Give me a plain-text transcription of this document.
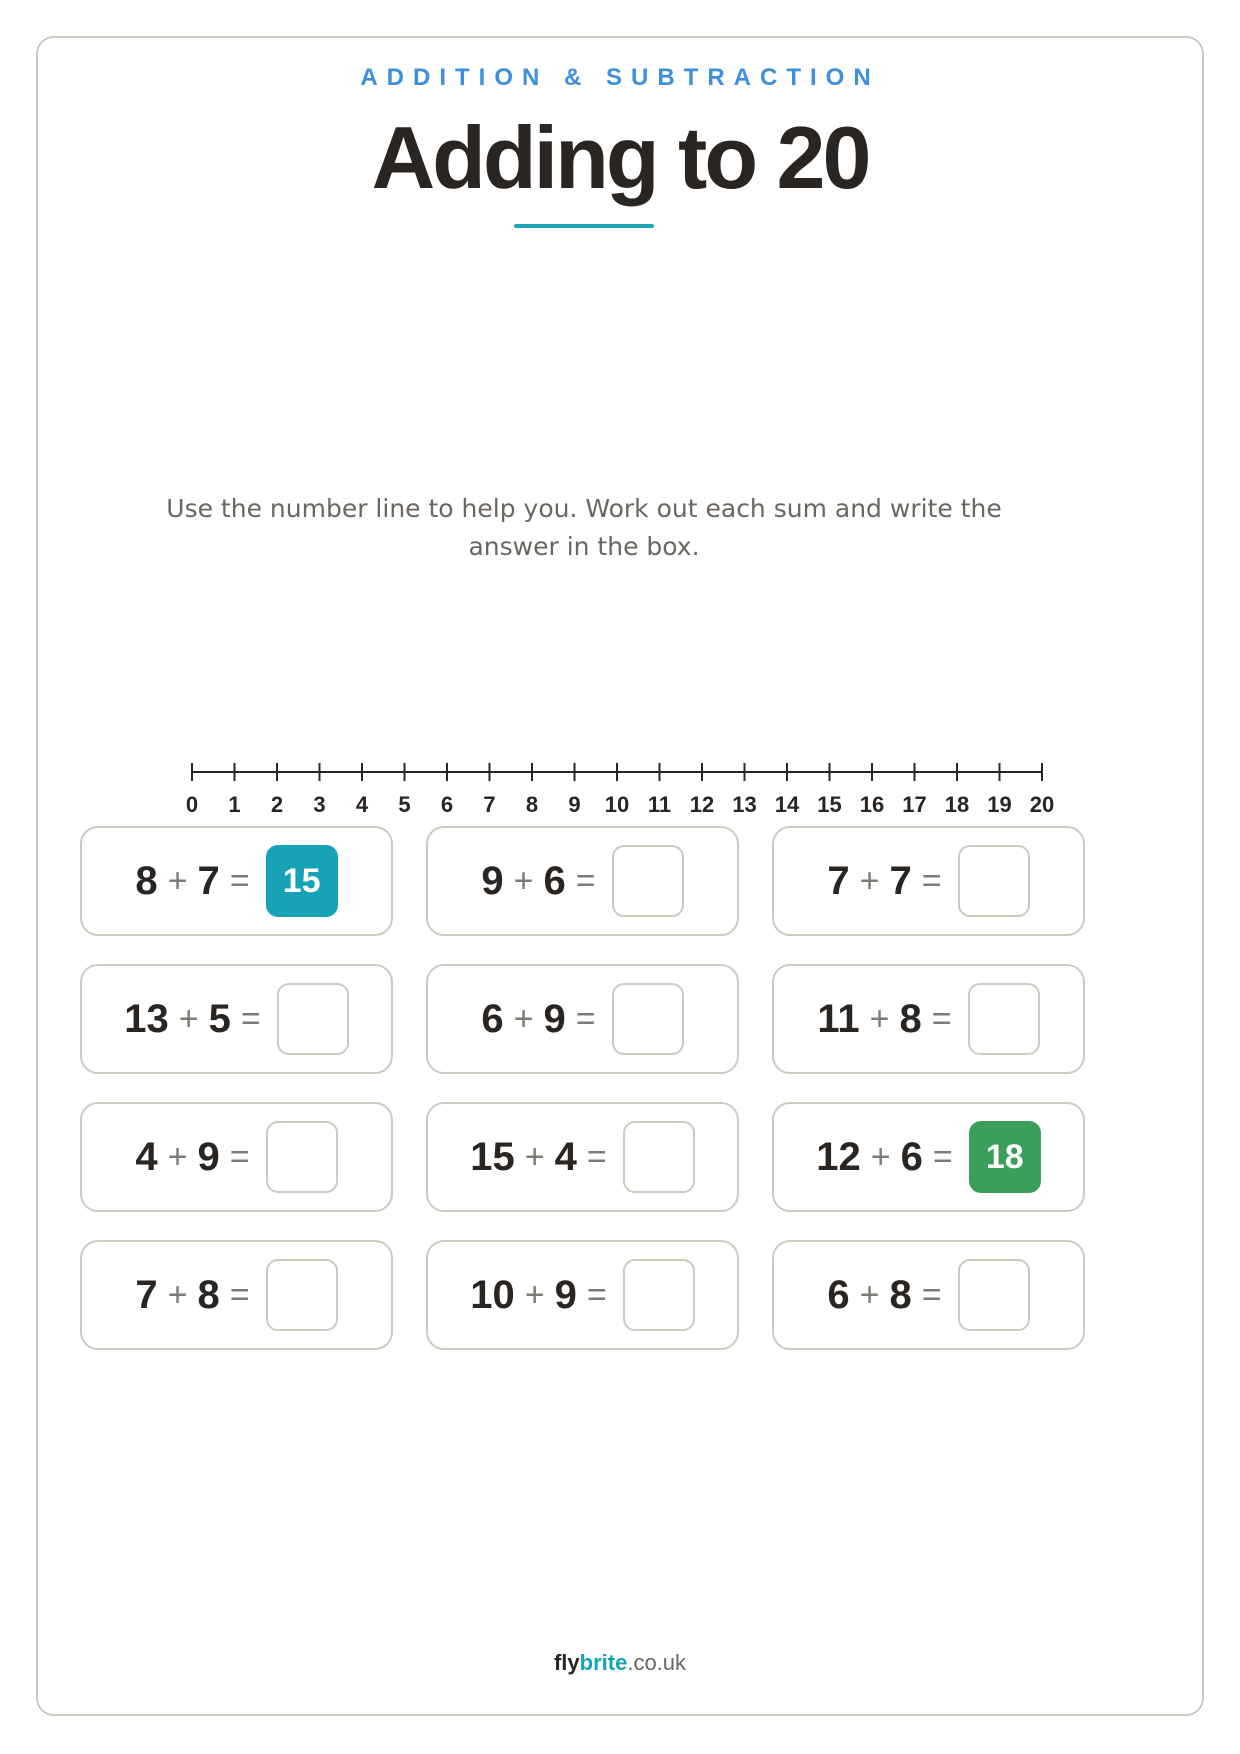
ADDITION & SUBTRACTION
Adding to 20
Use the number line to help you. Work out each sum and write the answer in the box.
0 1 2 3 4 5 6 7 8 9 10 11 12 13 14 15 16 17 18 19 20
8 + 7 = 15	9 + 6 =	7 + 7 =
13 + 5 =	6 + 9 =	11 + 8 =
4 + 9 =	15 + 4 =	12 + 6 = 18
7 + 8 =	10 + 9 =	6 + 8 =
flybrite.co.uk
